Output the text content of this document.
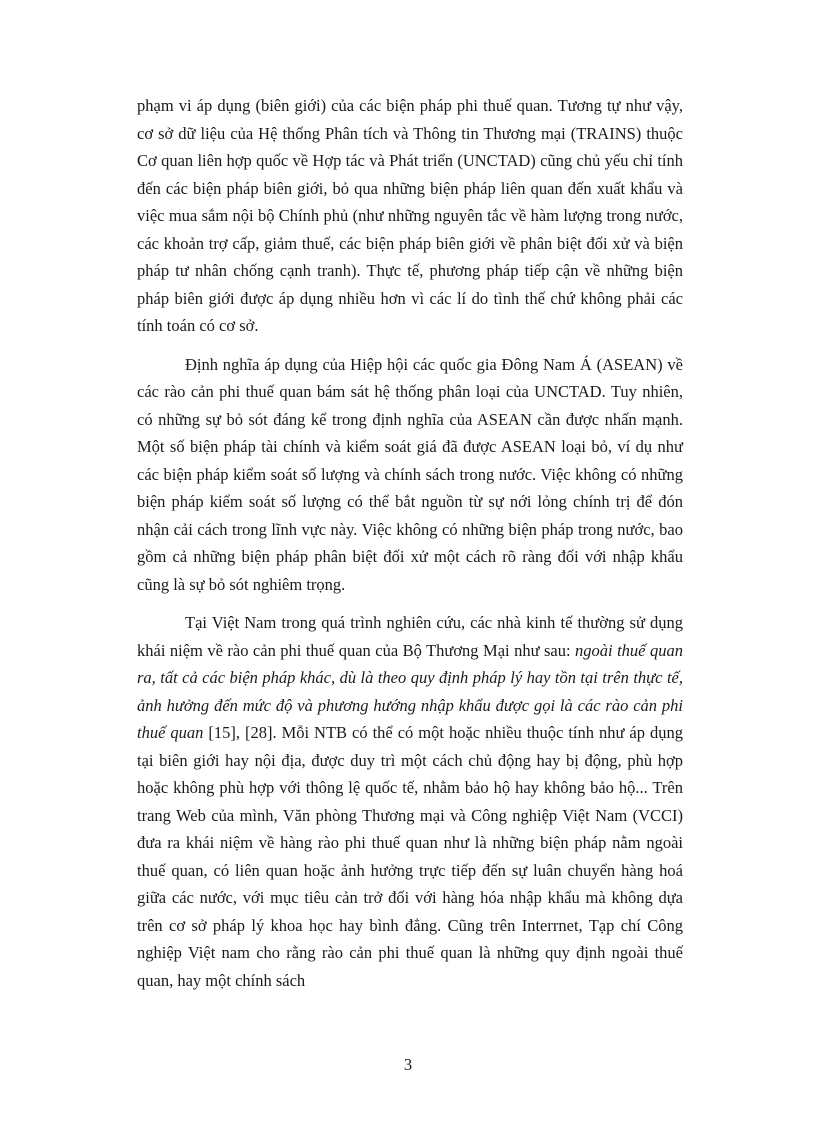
phạm vi áp dụng (biên giới) của các biện pháp phi thuế quan. Tương tự như vậy, cơ sở dữ liệu của Hệ thống Phân tích và Thông tin Thương mại (TRAINS) thuộc Cơ quan liên hợp quốc về Hợp tác và Phát triển (UNCTAD) cũng chủ yếu chỉ tính đến các biện pháp biên giới, bỏ qua những biện pháp liên quan đến xuất khẩu và việc mua sắm nội bộ Chính phủ (như những nguyên tắc về hàm lượng trong nước, các khoản trợ cấp, giảm thuế, các biện pháp biên giới về phân biệt đối xử và biện pháp tư nhân chống cạnh tranh). Thực tế, phương pháp tiếp cận về những biện pháp biên giới được áp dụng nhiều hơn vì các lí do tình thế chứ không phải các tính toán có cơ sở.

Định nghĩa áp dụng của Hiệp hội các quốc gia Đông Nam Á (ASEAN) về các rào cản phi thuế quan bám sát hệ thống phân loại của UNCTAD. Tuy nhiên, có những sự bỏ sót đáng kể trong định nghĩa của ASEAN cần được nhấn mạnh. Một số biện pháp tài chính và kiểm soát giá đã được ASEAN loại bỏ, ví dụ như các biện pháp kiểm soát số lượng và chính sách trong nước. Việc không có những biện pháp kiểm soát số lượng có thể bắt nguồn từ sự nới lỏng chính trị để đón nhận cải cách trong lĩnh vực này. Việc không có những biện pháp trong nước, bao gồm cả những biện pháp phân biệt đối xử một cách rõ ràng đối với nhập khẩu cũng là sự bỏ sót nghiêm trọng.

Tại Việt Nam trong quá trình nghiên cứu, các nhà kinh tế thường sử dụng khái niệm về rào cản phi thuế quan của Bộ Thương Mại như sau: ngoài thuế quan ra, tất cả các biện pháp khác, dù là theo quy định pháp lý hay tồn tại trên thực tế, ảnh hưởng đến mức độ và phương hướng nhập khẩu được gọi là các rào cản phi thuế quan [15], [28]. Mỗi NTB có thể có một hoặc nhiều thuộc tính như áp dụng tại biên giới hay nội địa, được duy trì một cách chủ động hay bị động, phù hợp hoặc không phù hợp với thông lệ quốc tế, nhằm bảo hộ hay không bảo hộ... Trên trang Web của mình, Văn phòng Thương mại và Công nghiệp Việt Nam (VCCI) đưa ra khái niệm về hàng rào phi thuế quan như là những biện pháp nằm ngoài thuế quan, có liên quan hoặc ảnh hưởng trực tiếp đến sự luân chuyển hàng hoá giữa các nước, với mục tiêu cản trở đối với hàng hóa nhập khẩu mà không dựa trên cơ sở pháp lý khoa học hay bình đẳng. Cũng trên Interrnet, Tạp chí Công nghiệp Việt nam cho rằng rào cản phi thuế quan là những quy định ngoài thuế quan, hay một chính sách

3
